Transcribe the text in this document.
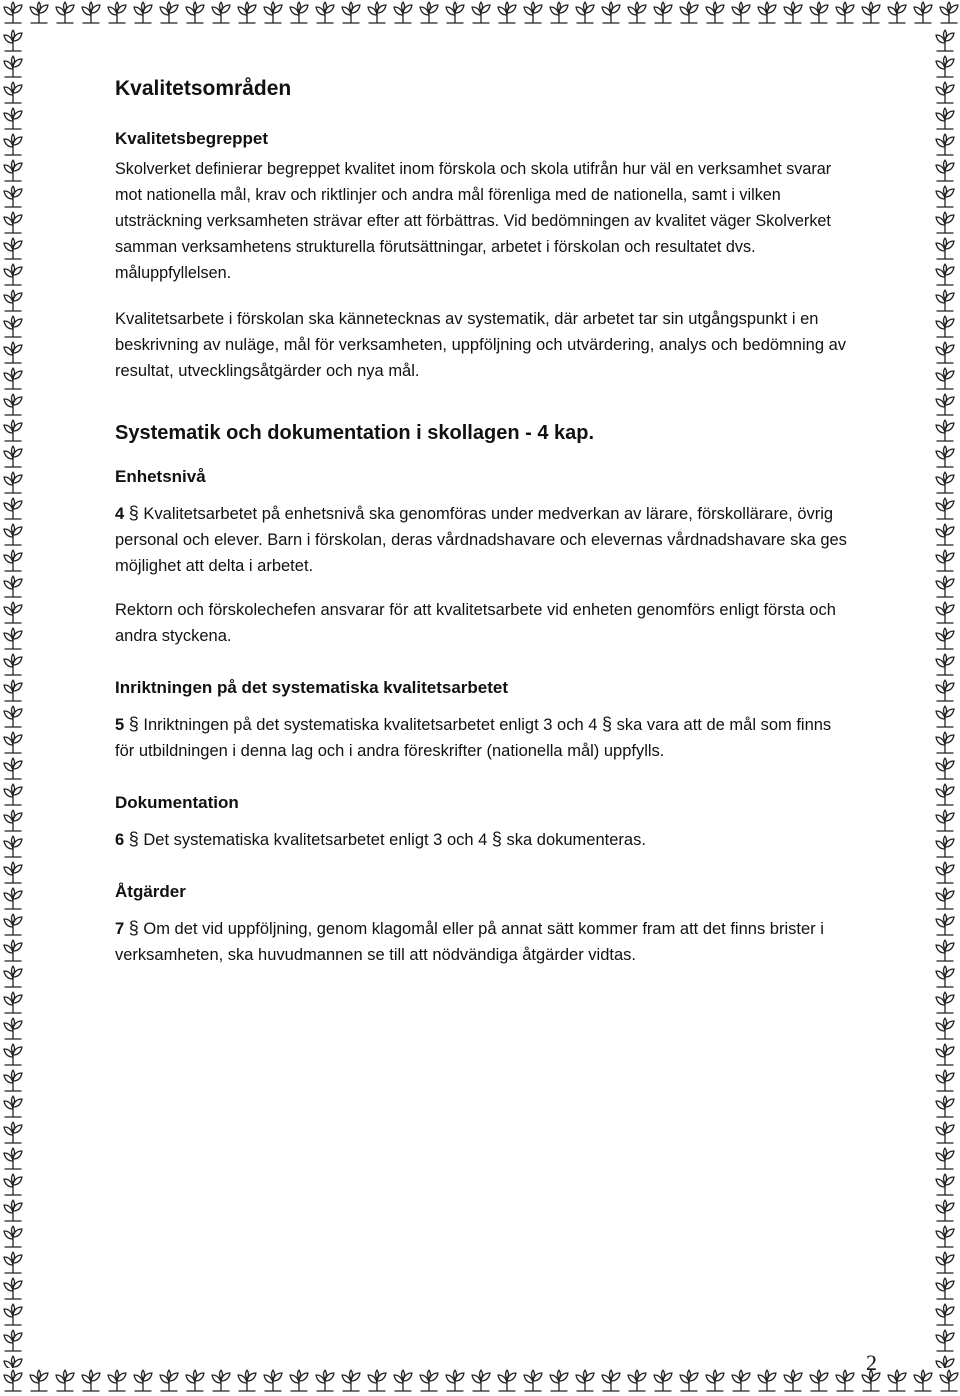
Kvalitetsområden
Kvalitetsbegreppet
Skolverket definierar begreppet kvalitet inom förskola och skola utifrån hur väl en verksamhet svarar mot nationella mål, krav och riktlinjer och andra mål förenliga med de nationella, samt i vilken utsträckning verksamheten strävar efter att förbättras. Vid bedömningen av kvalitet väger Skolverket samman verksamhetens strukturella förutsättningar, arbetet i förskolan och resultatet dvs. måluppfyllelsen.
Kvalitetsarbete i förskolan ska kännetecknas av systematik, där arbetet tar sin utgångspunkt i en beskrivning av nuläge, mål för verksamheten, uppföljning och utvärdering, analys och bedömning av resultat, utvecklingsåtgärder och nya mål.
Systematik och dokumentation i skollagen - 4 kap.
Enhetsnivå
4 § Kvalitetsarbetet på enhetsnivå ska genomföras under medverkan av lärare, förskollärare, övrig personal och elever. Barn i förskolan, deras vårdnadshavare och elevernas vårdnadshavare ska ges möjlighet att delta i arbetet.
Rektorn och förskolechefen ansvarar för att kvalitetsarbete vid enheten genomförs enligt första och andra styckena.
Inriktningen på det systematiska kvalitetsarbetet
5 § Inriktningen på det systematiska kvalitetsarbetet enligt 3 och 4 § ska vara att de mål som finns för utbildningen i denna lag och i andra föreskrifter (nationella mål) uppfylls.
Dokumentation
6 § Det systematiska kvalitetsarbetet enligt 3 och 4 § ska dokumenteras.
Åtgärder
7 § Om det vid uppföljning, genom klagomål eller på annat sätt kommer fram att det finns brister i verksamheten, ska huvudmannen se till att nödvändiga åtgärder vidtas.
2
